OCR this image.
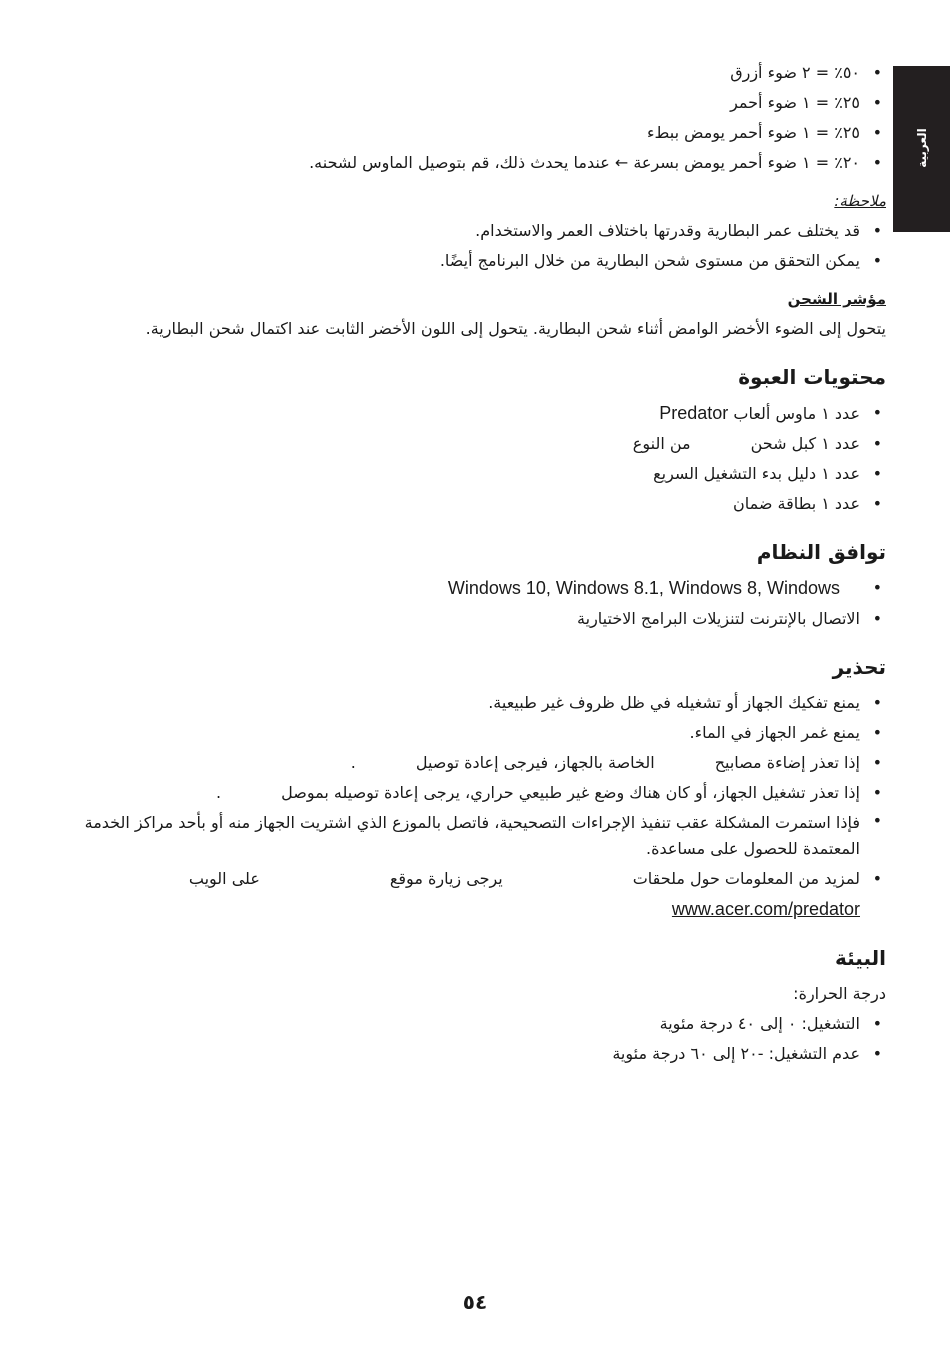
العربية
• ٥٠٪ = ٢ ضوء أزرق
• ٢٥٪ = ١ ضوء أحمر
• ٢٥٪ = ١ ضوء أحمر يومض ببطء
• ٢٠٪ = ١ ضوء أحمر يومض بسرعة ← عندما يحدث ذلك، قم بتوصيل الماوس لشحنه.
ملاحظة:
• قد يختلف عمر البطارية وقدرتها باختلاف العمر والاستخدام.
• يمكن التحقق من مستوى شحن البطارية من خلال البرنامج أيضًا.
مؤشر الشحن

يتحول إلى الضوء الأخضر الوامض أثناء شحن البطارية. يتحول إلى اللون الأخضر الثابت عند اكتمال شحن البطارية.

محتويات العبوة
• عدد ١ ماوس ألعاب Predator
• عدد ١ كبل شحنمن النوع
• عدد ١ دليل بدء التشغيل السريع
• عدد ١ بطاقة ضمان
توافق النظام
• Windows 10, Windows 8.1, Windows 8, Windows
• الاتصال بالإنترنت لتنزيلات البرامج الاختيارية
تحذير
• يمنع تفكيك الجهاز أو تشغيله في ظل ظروف غير طبيعية.
• يمنع غمر الجهاز في الماء.
• إذا تعذر إضاءة مصابيحالخاصة بالجهاز، فيرجى إعادة توصيل.
• إذا تعذر تشغيل الجهاز، أو كان هناك وضع غير طبيعي حراري، يرجى إعادة توصيله بموصل.
• فإذا استمرت المشكلة عقب تنفيذ الإجراءات التصحيحية، فاتصل بالموزع الذي اشتريت الجهاز منه أو بأحد مراكز الخدمة المعتمدة للحصول على مساعدة.
• لمزيد من المعلومات حول ملحقاتيرجى زيارة موقععلى الويب
www.acer.com/predator
البيئة
درجة الحرارة:
• التشغيل: ٠ إلى ٤٠ درجة مئوية
• عدم التشغيل: -٢٠ إلى ٦٠ درجة مئوية
٥٤
